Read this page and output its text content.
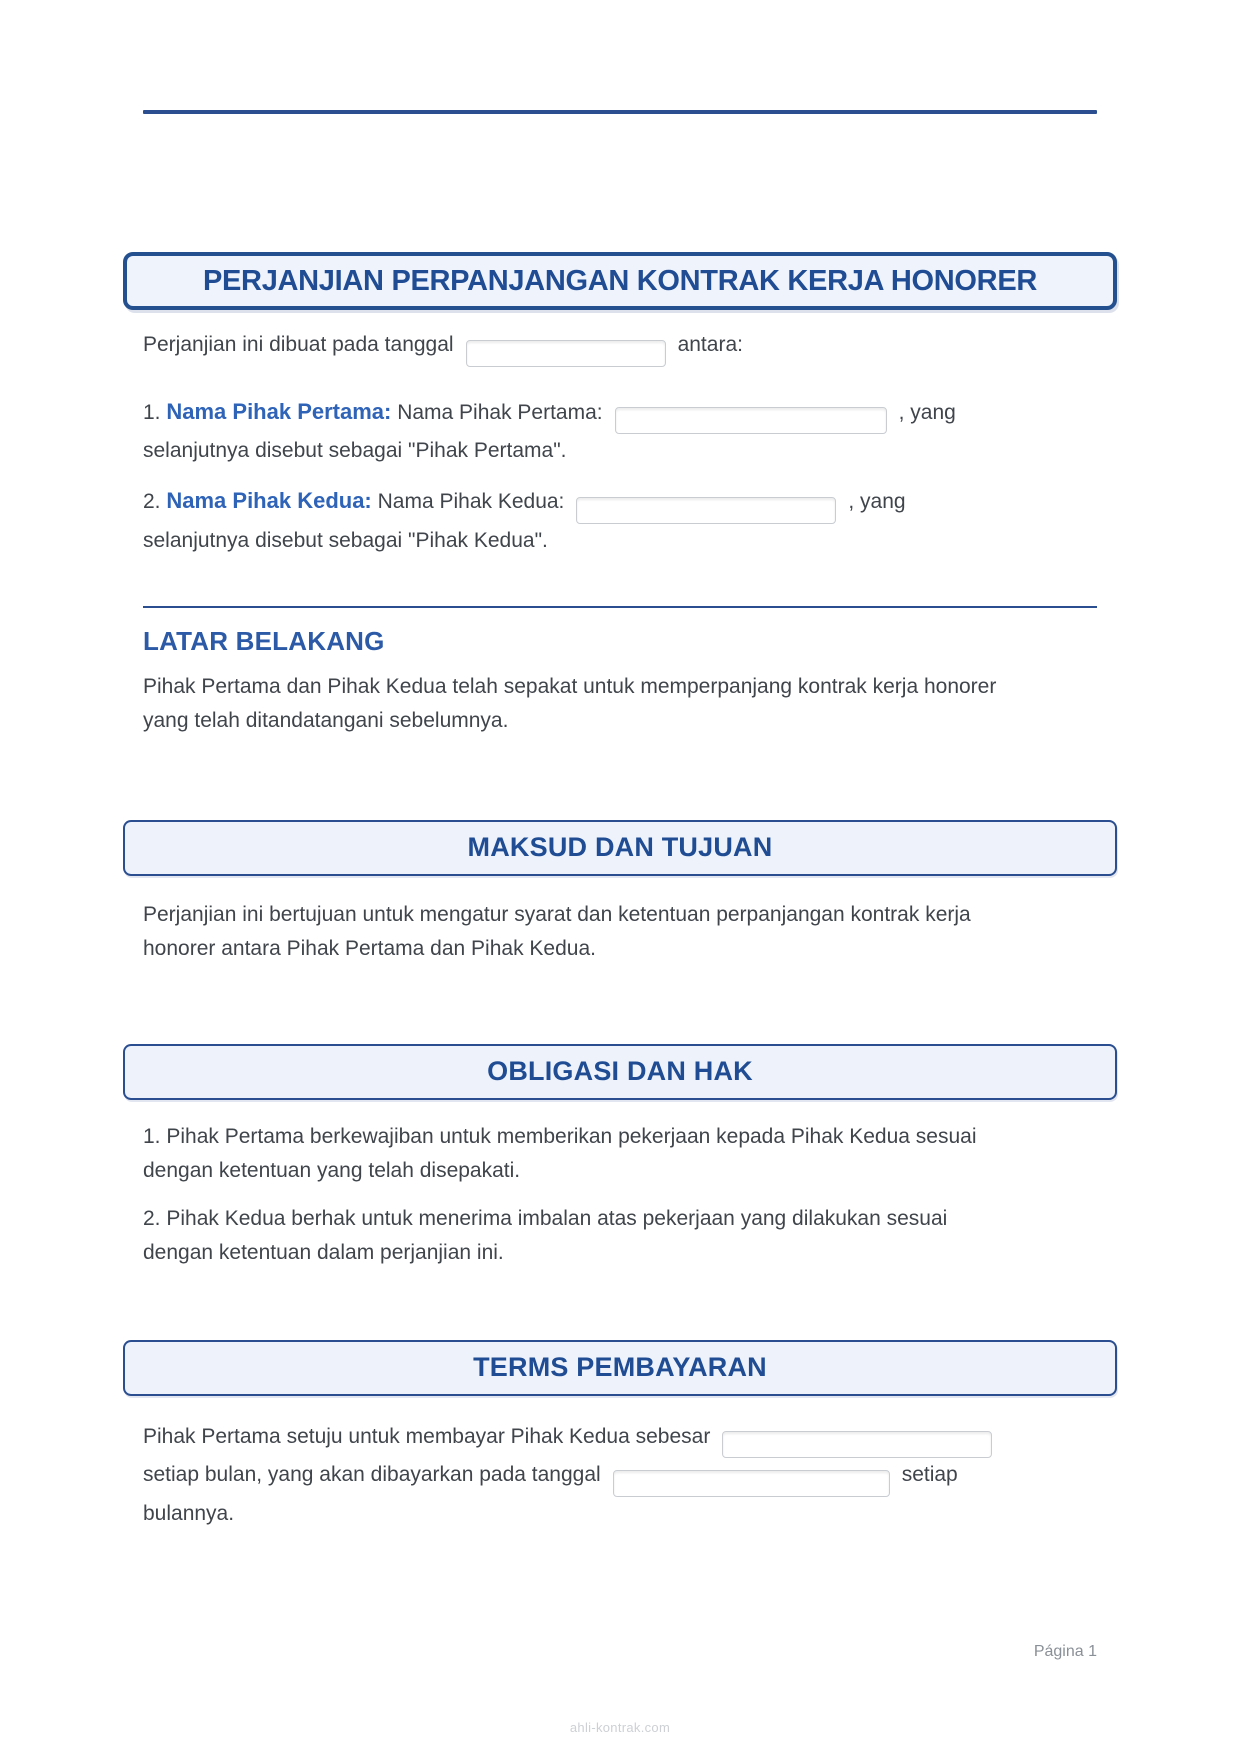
PERJANJIAN PERPANJANGAN KONTRAK KERJA HONORER

Perjanjian ini dibuat pada tanggal	antara:

1. Nama Pihak Pertama: Nama Pihak Pertama:	, yang
selanjutnya disebut sebagai "Pihak Pertama".

2. Nama Pihak Kedua: Nama Pihak Kedua:	, yang
selanjutnya disebut sebagai "Pihak Kedua".

LATAR BELAKANG

Pihak Pertama dan Pihak Kedua telah sepakat untuk memperpanjang kontrak kerja honorer
yang telah ditandatangani sebelumnya.

MAKSUD DAN TUJUAN

Perjanjian ini bertujuan untuk mengatur syarat dan ketentuan perpanjangan kontrak kerja
honorer antara Pihak Pertama dan Pihak Kedua.

OBLIGASI DAN HAK

1. Pihak Pertama berkewajiban untuk memberikan pekerjaan kepada Pihak Kedua sesuai
dengan ketentuan yang telah disepakati.

2. Pihak Kedua berhak untuk menerima imbalan atas pekerjaan yang dilakukan sesuai
dengan ketentuan dalam perjanjian ini.

TERMS PEMBAYARAN

Pihak Pertama setuju untuk membayar Pihak Kedua sebesar
setiap bulan, yang akan dibayarkan pada tanggal	setiap
bulannya.

Página 1
ahli-kontrak.com
